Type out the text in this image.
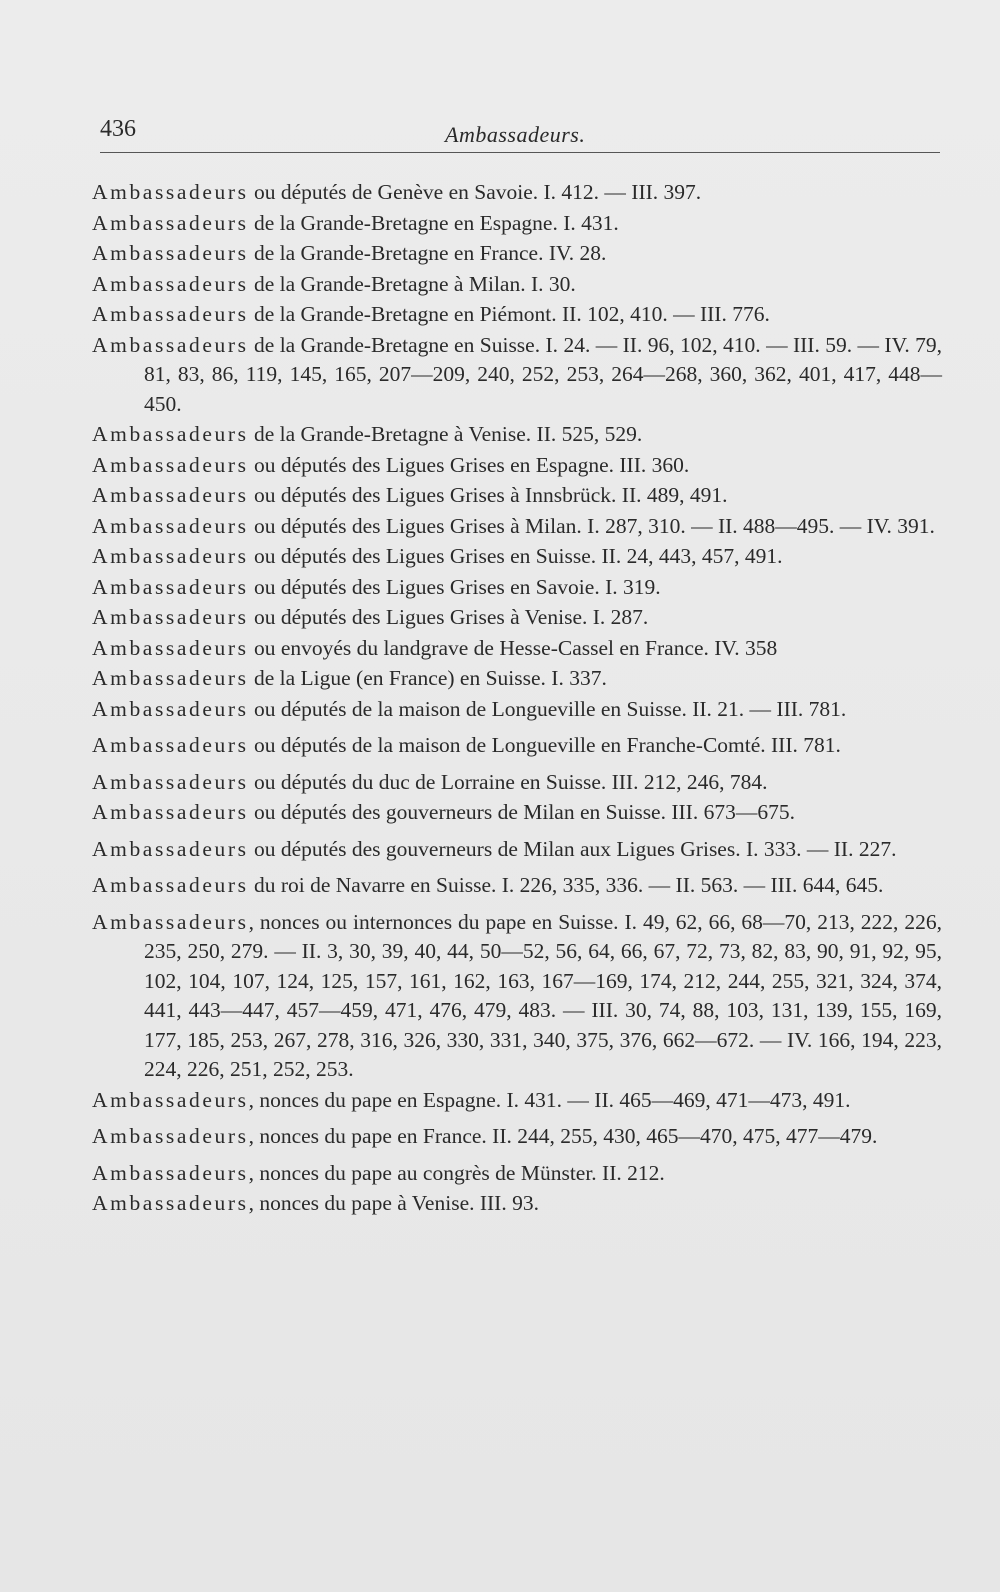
436	Ambassadeurs.

Ambassadeurs ou députés de Genève en Savoie. I. 412. — III. 397.

Ambassadeurs de la Grande-Bretagne en Espagne. I. 431.

Ambassadeurs de la Grande-Bretagne en France. IV. 28.

Ambassadeurs de la Grande-Bretagne à Milan. I. 30.

Ambassadeurs de la Grande-Bretagne en Piémont. II. 102, 410. — III. 776.

Ambassadeurs de la Grande-Bretagne en Suisse. I. 24. — II. 96, 102, 410. — III. 59. — IV. 79, 81, 83, 86, 119, 145, 165, 207—209, 240, 252, 253, 264—268, 360, 362, 401, 417, 448—450.

Ambassadeurs de la Grande-Bretagne à Venise. II. 525, 529.

Ambassadeurs ou députés des Ligues Grises en Espagne. III. 360.

Ambassadeurs ou députés des Ligues Grises à Innsbrück. II. 489, 491.

Ambassadeurs ou députés des Ligues Grises à Milan. I. 287, 310. — II. 488—495. — IV. 391.

Ambassadeurs ou députés des Ligues Grises en Suisse. II. 24, 443, 457, 491.

Ambassadeurs ou députés des Ligues Grises en Savoie. I. 319.

Ambassadeurs ou députés des Ligues Grises à Venise. I. 287.

Ambassadeurs ou envoyés du landgrave de Hesse-Cassel en France. IV. 358

Ambassadeurs de la Ligue (en France) en Suisse. I. 337.

Ambassadeurs ou députés de la maison de Longueville en Suisse. II. 21. — III. 781.

Ambassadeurs ou députés de la maison de Longueville en Franche-Comté. III. 781.

Ambassadeurs ou députés du duc de Lorraine en Suisse. III. 212, 246, 784.

Ambassadeurs ou députés des gouverneurs de Milan en Suisse. III. 673—675.

Ambassadeurs ou députés des gouverneurs de Milan aux Ligues Grises. I. 333. — II. 227.

Ambassadeurs du roi de Navarre en Suisse. I. 226, 335, 336. — II. 563. — III. 644, 645.

Ambassadeurs, nonces ou internonces du pape en Suisse. I. 49, 62, 66, 68—70, 213, 222, 226, 235, 250, 279. — II. 3, 30, 39, 40, 44, 50—52, 56, 64, 66, 67, 72, 73, 82, 83, 90, 91, 92, 95, 102, 104, 107, 124, 125, 157, 161, 162, 163, 167—169, 174, 212, 244, 255, 321, 324, 374, 441, 443—447, 457—459, 471, 476, 479, 483. — III. 30, 74, 88, 103, 131, 139, 155, 169, 177, 185, 253, 267, 278, 316, 326, 330, 331, 340, 375, 376, 662—672. — IV. 166, 194, 223, 224, 226, 251, 252, 253.

Ambassadeurs, nonces du pape en Espagne. I. 431. — II. 465—469, 471—473, 491.

Ambassadeurs, nonces du pape en France. II. 244, 255, 430, 465—470, 475, 477—479.

Ambassadeurs, nonces du pape au congrès de Münster. II. 212.

Ambassadeurs, nonces du pape à Venise. III. 93.
